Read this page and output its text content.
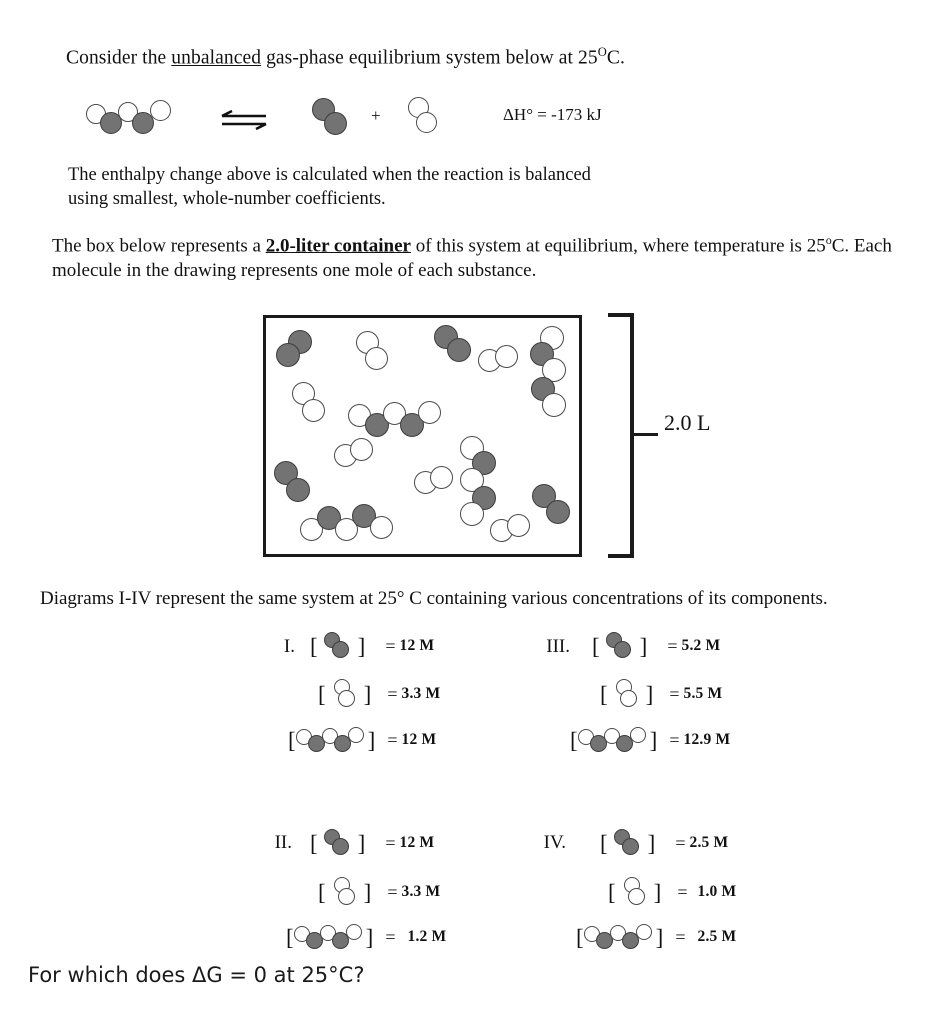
Consider the unbalanced gas-phase equilibrium system below at $25^OC$.
+	ΔH° = -173 kJ
The enthalpy change above is calculated when the reaction is balanced
using smallest, whole-number coefficients.
The box below represents a 2.0-liter container of this system at equilibrium, where temperature is 25$^o$C. Each
molecule in the drawing represents one mole of each substance.
2.0 L
Diagrams I-IV represent the same system at 25° C containing various concentrations of its components.
I. [ ] = 12 M
[ ] = 3.3 M
[	] = 12 M
III. [ ] = 5.2 M
[ ] = 5.5 M
[	] = 12.9 M
II. [ ] = 12 M
[ ] = 3.3 M
[	] = 1.2 M
IV. [ ] = 2.5 M
[ ] = 1.0 M
[	] = 2.5 M
For which does ΔG = 0 at 25°C?
